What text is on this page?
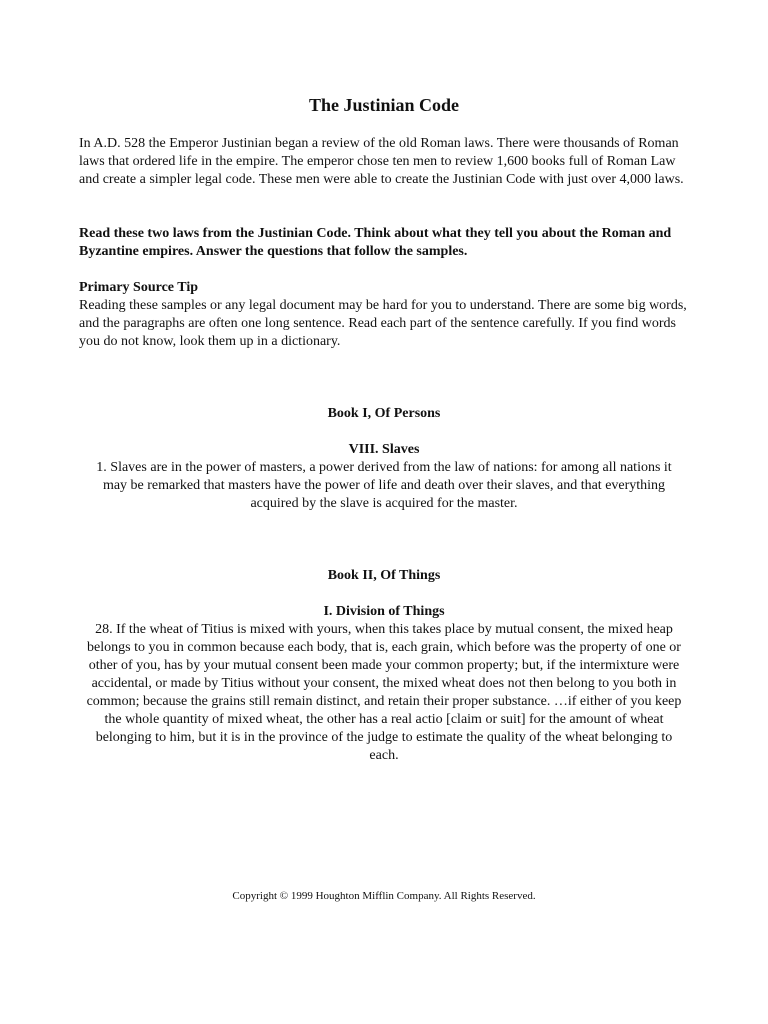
The Justinian Code
In A.D. 528 the Emperor Justinian began a review of the old Roman laws. There were thousands of Roman laws that ordered life in the empire. The emperor chose ten men to review 1,600 books full of Roman Law and create a simpler legal code. These men were able to create the Justinian Code with just over 4,000 laws.
Read these two laws from the Justinian Code. Think about what they tell you about the Roman and Byzantine empires. Answer the questions that follow the samples.
Primary Source Tip
Reading these samples or any legal document may be hard for you to understand. There are some big words, and the paragraphs are often one long sentence. Read each part of the sentence carefully. If you find words you do not know, look them up in a dictionary.
Book I, Of Persons
VIII. Slaves
1. Slaves are in the power of masters, a power derived from the law of nations: for among all nations it may be remarked that masters have the power of life and death over their slaves, and that everything acquired by the slave is acquired for the master.
Book II, Of Things
I. Division of Things
28. If the wheat of Titius is mixed with yours, when this takes place by mutual consent, the mixed heap belongs to you in common because each body, that is, each grain, which before was the property of one or other of you, has by your mutual consent been made your common property; but, if the intermixture were accidental, or made by Titius without your consent, the mixed wheat does not then belong to you both in common; because the grains still remain distinct, and retain their proper substance. …if either of you keep the whole quantity of mixed wheat, the other has a real actio [claim or suit] for the amount of wheat belonging to him, but it is in the province of the judge to estimate the quality of the wheat belonging to each.
Copyright © 1999 Houghton Mifflin Company. All Rights Reserved.
